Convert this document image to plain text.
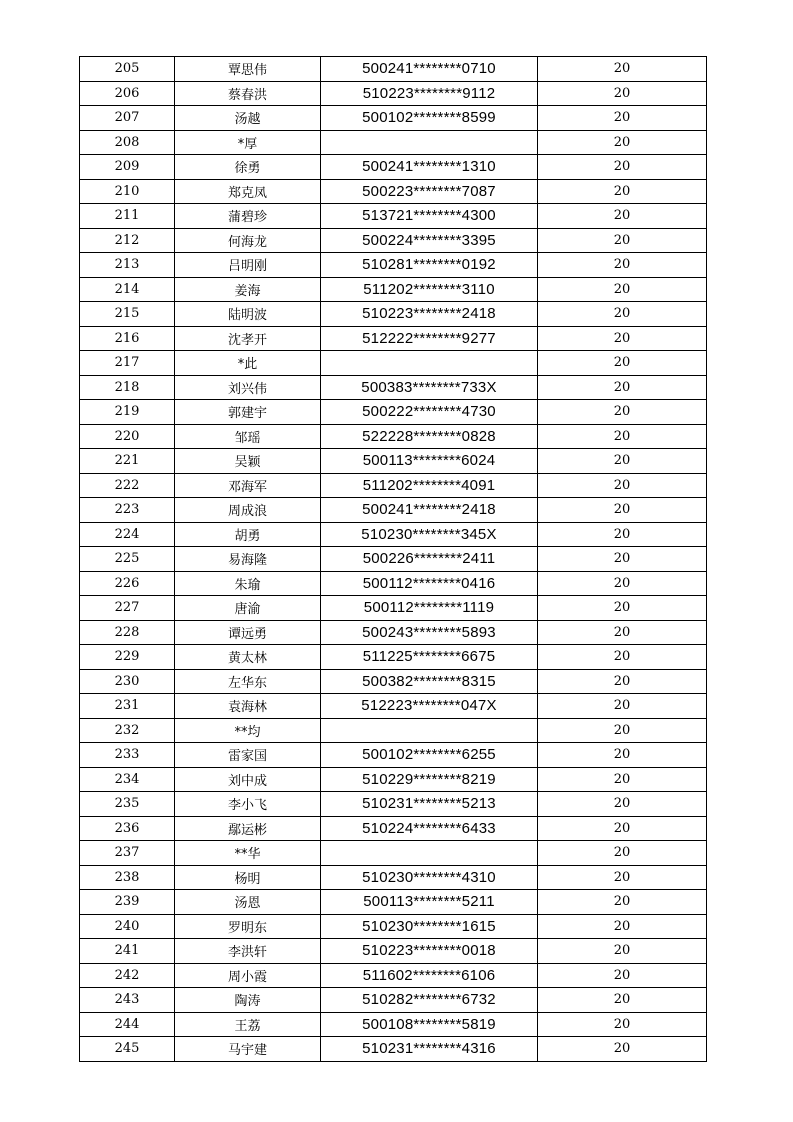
205	覃思伟	500241********0710	20
206	蔡春洪	510223********9112	20
207	汤越	500102********8599	20
208	*厚		20
209	徐勇	500241********1310	20
210	郑克凤	500223********7087	20
211	蒲碧珍	513721********4300	20
212	何海龙	500224********3395	20
213	吕明刚	510281********0192	20
214	姜海	511202********3110	20
215	陆明波	510223********2418	20
216	沈孝开	512222********9277	20
217	*此		20
218	刘兴伟	500383********733X	20
219	郭建宇	500222********4730	20
220	邹瑶	522228********0828	20
221	吴颖	500113********6024	20
222	邓海军	511202********4091	20
223	周成浪	500241********2418	20
224	胡勇	510230********345X	20
225	易海隆	500226********2411	20
226	朱瑜	500112********0416	20
227	唐渝	500112********1119	20
228	谭远勇	500243********5893	20
229	黄太林	511225********6675	20
230	左华东	500382********8315	20
231	袁海林	512223********047X	20
232	**均		20
233	雷家国	500102********6255	20
234	刘中成	510229********8219	20
235	李小飞	510231********5213	20
236	鄢运彬	510224********6433	20
237	**华		20
238	杨明	510230********4310	20
239	汤恩	500113********5211	20
240	罗明东	510230********1615	20
241	李洪轩	510223********0018	20
242	周小霞	511602********6106	20
243	陶涛	510282********6732	20
244	王荔	500108********5819	20
245	马宇建	510231********4316	20
